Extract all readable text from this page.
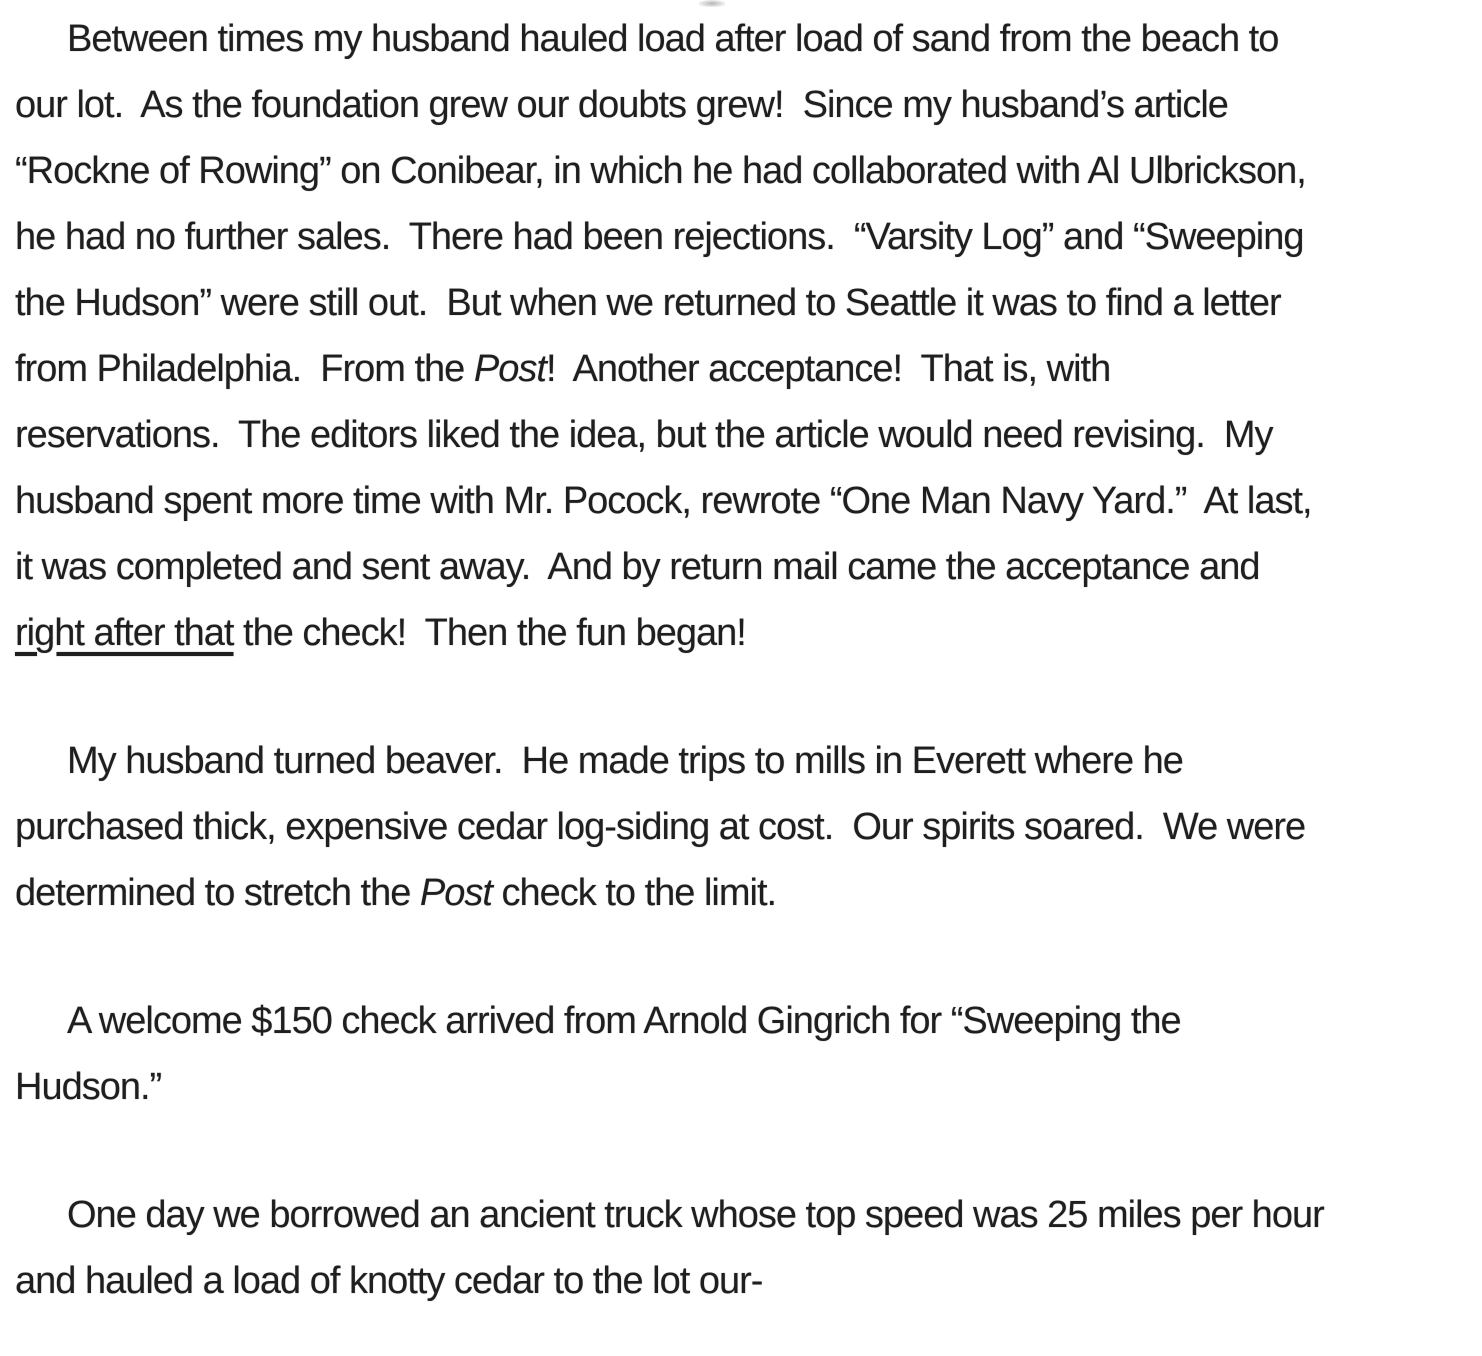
Between times my husband hauled load after load of sand from the beach to
our lot.  As the foundation grew our doubts grew!  Since my husband’s article
“Rockne of Rowing” on Conibear, in which he had collaborated with Al Ulbrickson,
he had no further sales.  There had been rejections.  “Varsity Log” and “Sweeping
the Hudson” were still out.  But when we returned to Seattle it was to find a letter
from Philadelphia.  From the Post!  Another acceptance!  That is, with
reservations.  The editors liked the idea, but the article would need revising.  My
husband spent more time with Mr. Pocock, rewrote “One Man Navy Yard.”  At last,
it was completed and sent away.  And by return mail came the acceptance and
right after that the check!  Then the fun began!
My husband turned beaver.  He made trips to mills in Everett where he
purchased thick, expensive cedar log-siding at cost.  Our spirits soared.  We were
determined to stretch the Post check to the limit.
A welcome $150 check arrived from Arnold Gingrich for “Sweeping the
Hudson.”
One day we borrowed an ancient truck whose top speed was 25 miles per hour
and hauled a load of knotty cedar to the lot our-
